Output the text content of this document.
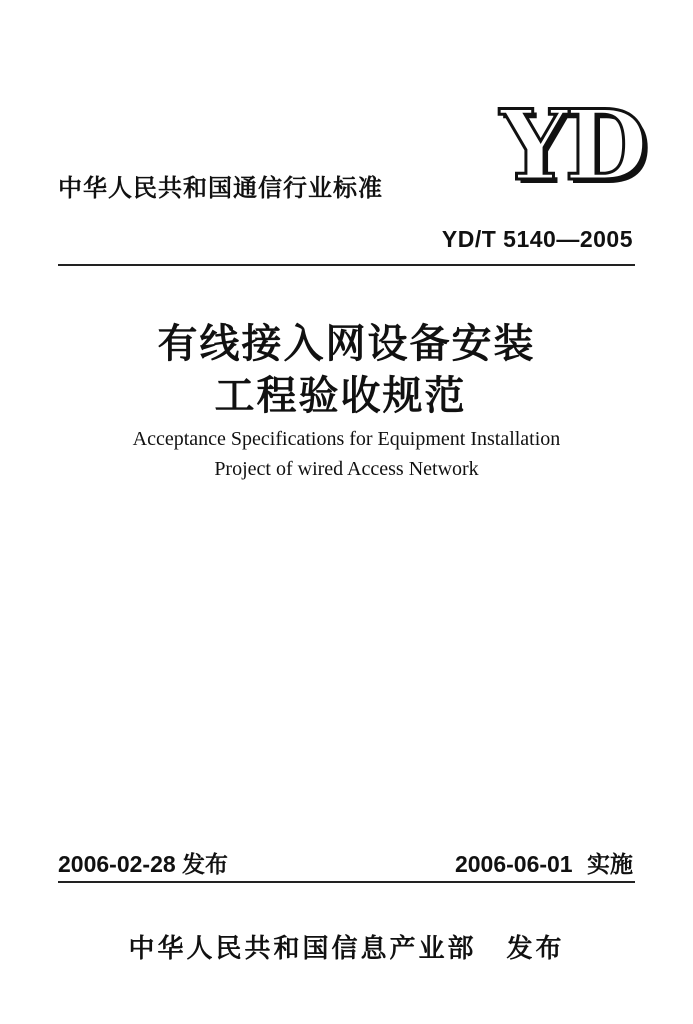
中华人民共和国通信行业标准 YD
YD/T 5140—2005
有线接入网设备安装
工程验收规范
Acceptance Specifications for Equipment Installation
Project of wired Access Network
2006-02-28 发布	2006-06-01 实施
中华人民共和国信息产业部 发布
